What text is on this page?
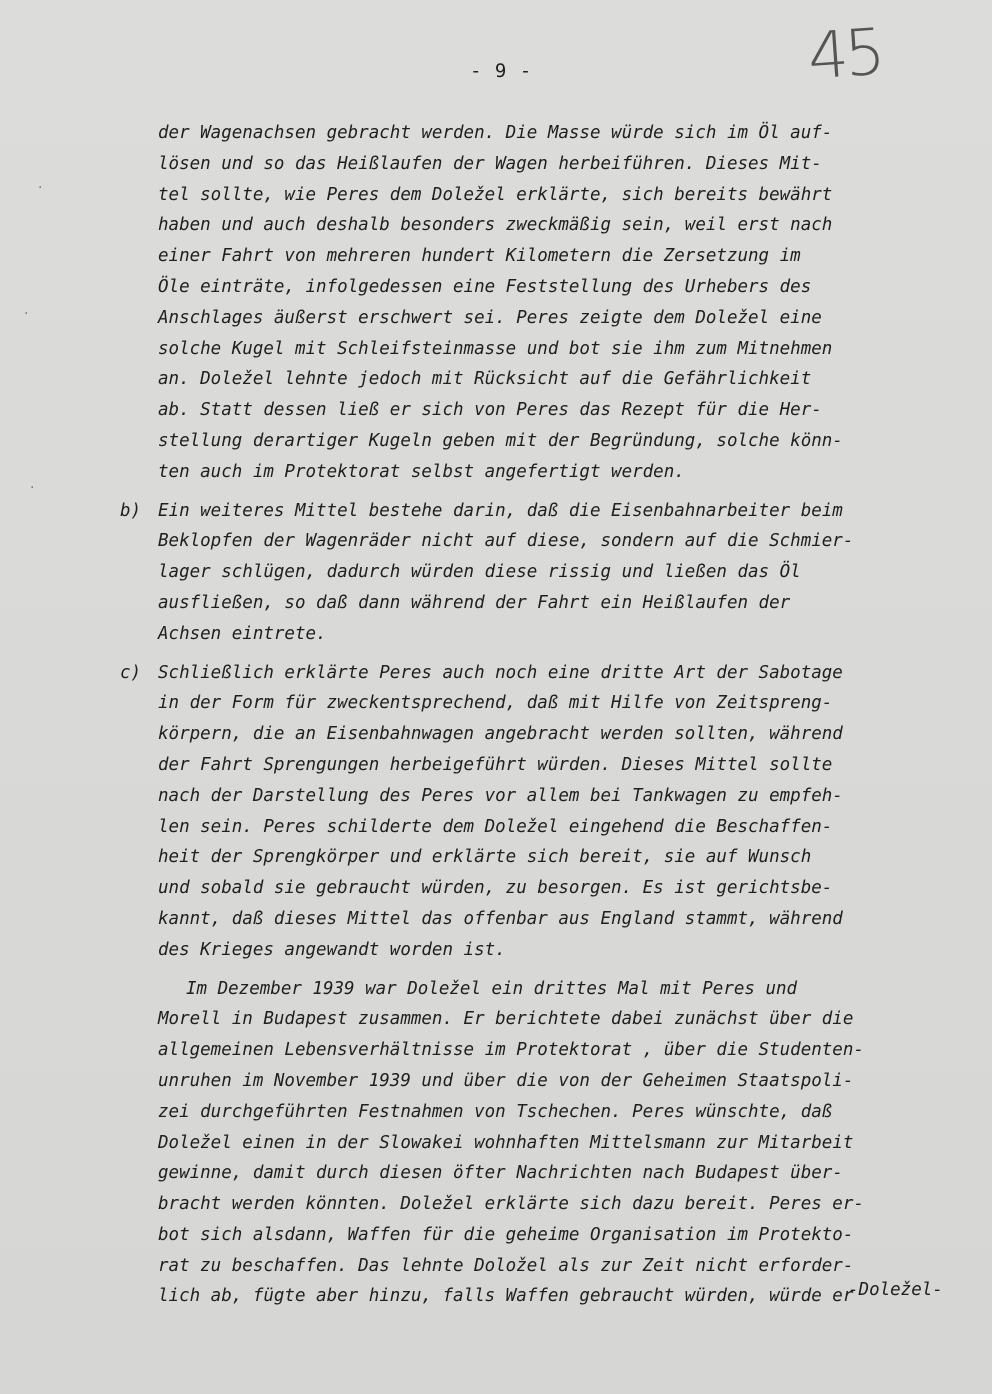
45
- 9 -
·
·
·
der Wagenachsen gebracht werden. Die Masse würde sich im Öl auf-
lösen und so das Heißlaufen der Wagen herbeiführen. Dieses Mit-
tel sollte, wie Peres dem Doležel erklärte, sich bereits bewährt
haben und auch deshalb besonders zweckmäßig sein, weil erst nach
einer Fahrt von mehreren hundert Kilometern die Zersetzung im
Öle einträte, infolgedessen eine Feststellung des Urhebers des
Anschlages äußerst erschwert sei. Peres zeigte dem Doležel eine
solche Kugel mit Schleifsteinmasse und bot sie ihm zum Mitnehmen
an. Doležel lehnte jedoch mit Rücksicht auf die Gefährlichkeit
ab. Statt dessen ließ er sich von Peres das Rezept für die Her-
stellung derartiger Kugeln geben mit der Begründung, solche könn-
ten auch im Protektorat selbst angefertigt werden.
b) Ein weiteres Mittel bestehe darin, daß die Eisenbahnarbeiter beim
Beklopfen der Wagenräder nicht auf diese, sondern auf die Schmier-
lager schlügen, dadurch würden diese rissig und ließen das Öl
ausfließen, so daß dann während der Fahrt ein Heißlaufen der
Achsen eintrete.
c) Schließlich erklärte Peres auch noch eine dritte Art der Sabotage
in der Form für zweckentsprechend, daß mit Hilfe von Zeitspreng-
körpern, die an Eisenbahnwagen angebracht werden sollten, während
der Fahrt Sprengungen herbeigeführt würden. Dieses Mittel sollte
nach der Darstellung des Peres vor allem bei Tankwagen zu empfeh-
len sein. Peres schilderte dem Doležel eingehend die Beschaffen-
heit der Sprengkörper und erklärte sich bereit, sie auf Wunsch
und sobald sie gebraucht würden, zu besorgen. Es ist gerichtsbe-
kannt, daß dieses Mittel das offenbar aus England stammt, während
des Krieges angewandt worden ist.
Im Dezember 1939 war Doležel ein drittes Mal mit Peres und
Morell in Budapest zusammen. Er berichtete dabei zunächst über die
allgemeinen Lebensverhältnisse im Protektorat , über die Studenten-
unruhen im November 1939 und über die von der Geheimen Staatspoli-
zei durchgeführten Festnahmen von Tschechen. Peres wünschte, daß
Doležel einen in der Slowakei wohnhaften Mittelsmann zur Mitarbeit
gewinne, damit durch diesen öfter Nachrichten nach Budapest über-
bracht werden könnten. Doležel erklärte sich dazu bereit. Peres er-
bot sich alsdann, Waffen für die geheime Organisation im Protekto-
rat zu beschaffen. Das lehnte Doložel als zur Zeit nicht erforder-
lich ab, fügte aber hinzu, falls Waffen gebraucht würden, würde er
-Doležel-
